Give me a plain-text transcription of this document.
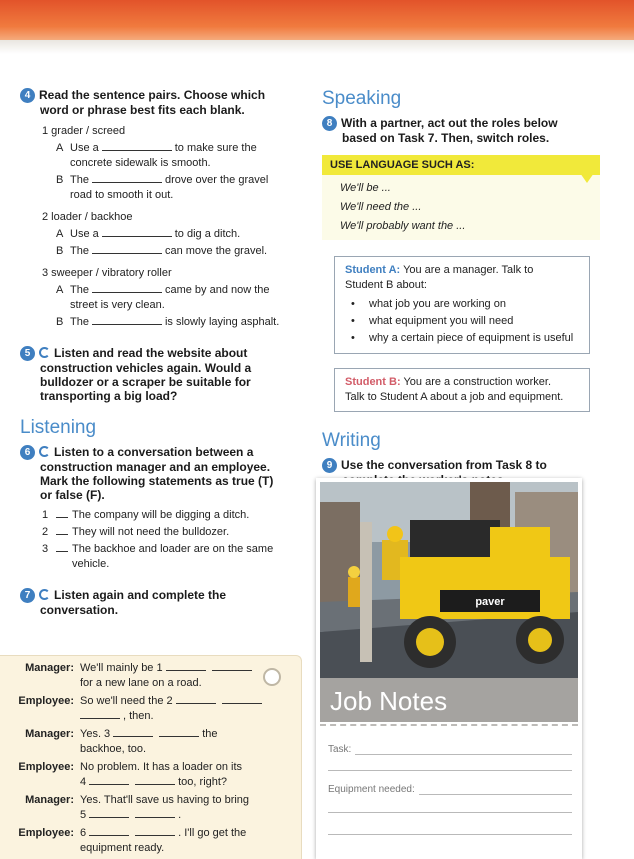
4 Read the sentence pairs. Choose which
word or phrase best fits each blank.
1 grader / screed
A Use a	to make sure the
concrete sidewalk is smooth.
B The	drove over the gravel
road to smooth it out.
2 loader / backhoe
A Use a	to dig a ditch.
B The	can move the gravel.
3 sweeper / vibratory roller
A The	came by and now the
street is very clean.
B The	is slowly laying asphalt.
5 Listen and read the website about
construction vehicles again. Would a
bulldozer or a scraper be suitable for
transporting a big load?
Listening
6 Listen to a conversation between a
construction manager and an employee.
Mark the following statements as true (T)
or false (F).
1	The company will be digging a ditch.
2	They will not need the bulldozer.
3	The backhoe and loader are on the same
vehicle.
7 Listen again and complete the
conversation.
Manager: We'll mainly be 1
for a new lane on a road.
Employee: So we'll need the 2
, then.
Manager: Yes. 3	the
backhoe, too.
Employee: No problem. It has a loader on its
4	too, right?
Manager: Yes. That'll save us having to bring
5	.
Employee: 6	. I'll go get the
equipment ready.
Speaking
8 With a partner, act out the roles below
based on Task 7. Then, switch roles.
USE LANGUAGE SUCH AS:
We'll be ...
We'll need the ...
We'll probably want the ...
Student A: You are a manager. Talk to
Student B about:
• what job you are working on
• what equipment you will need
• why a certain piece of equipment is useful
Student B: You are a construction worker.
Talk to Student A about a job and equipment.
Writing
9 Use the conversation from Task 8 to
paver
Job Notes
Task:
Equipment needed:
